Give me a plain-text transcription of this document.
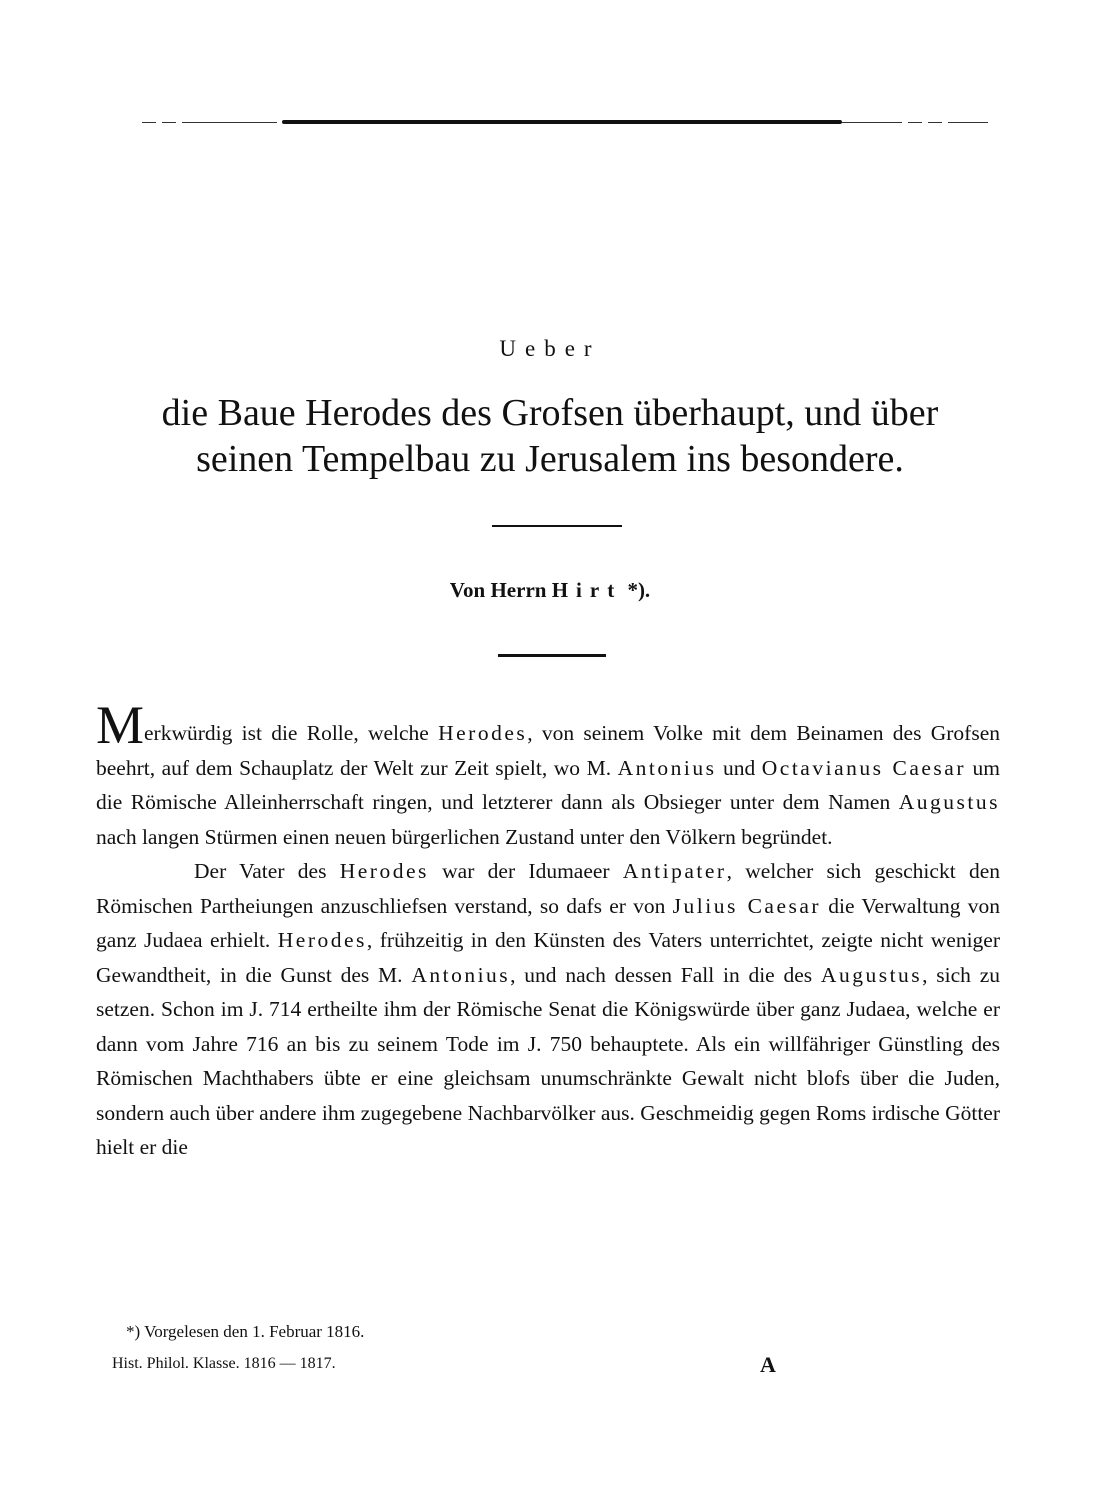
Ueber
die Baue Herodes des Grofsen überhaupt, und über
seinen Tempelbau zu Jerusalem ins besondere.
Von Herrn Hirt *).

Merkwürdig ist die Rolle, welche Herodes, von seinem Volke mit dem Beinamen des Grofsen beehrt, auf dem Schauplatz der Welt zur Zeit spielt, wo M. Antonius und Octavianus Caesar um die Römische Alleinherrschaft ringen, und letzterer dann als Obsieger unter dem Namen Augustus nach langen Stürmen einen neuen bürgerlichen Zustand unter den Völkern begründet.

Der Vater des Herodes war der Idumaeer Antipater, welcher sich geschickt den Römischen Partheiungen anzuschliefsen verstand, so dafs er von Julius Caesar die Verwaltung von ganz Judaea erhielt. Herodes, frühzeitig in den Künsten des Vaters unterrichtet, zeigte nicht weniger Gewandtheit, in die Gunst des M. Antonius, und nach dessen Fall in die des Augustus, sich zu setzen. Schon im J. 714 ertheilte ihm der Römische Senat die Königswürde über ganz Judaea, welche er dann vom Jahre 716 an bis zu seinem Tode im J. 750 behauptete. Als ein willfähriger Günstling des Römischen Machthabers übte er eine gleichsam unumschränkte Gewalt nicht blofs über die Juden, sondern auch über andere ihm zugegebene Nachbarvölker aus. Geschmeidig gegen Roms irdische Götter hielt er die

*) Vorgelesen den 1. Februar 1816.
Hist. Philol. Klasse. 1816 — 1817.	A
